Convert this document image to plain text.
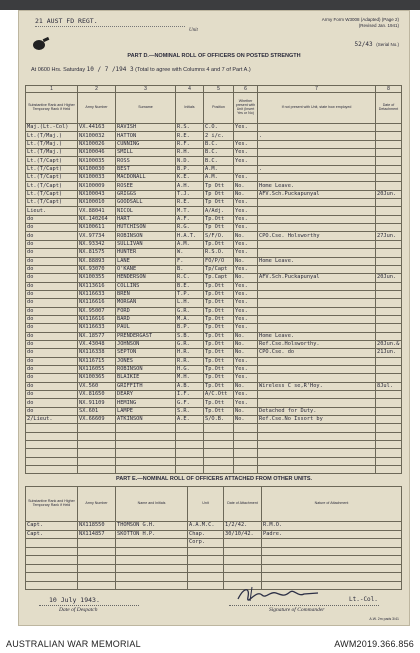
21 AUST FD REGT.
Unit
Army Form W3008 (Adapted) (Page 2)
(Revised Jan. 1941)
52/43 (Serial No.)
PART D.—NOMINAL ROLL OF OFFICERS ON POSTED STRENGTH
At 0600 Hrs. Saturday 10 / 7 /194 3 (Total to agree with Columns 4 and 7 of Part A.)
1	2	3	4	5	6	7	8
Substantive Rank and Higher Temporary Rank if Held	Army Number	Surname	Initials	Position	Whether present with Unit (Insert Yes or No)	If not present with Unit, state how employed	Date of Detachment
Maj.(Lt.-Col)	VX.44163	RAVISH	R.S.	C.O.	Yes.		
Lt.(T/Maj.)	NX100032	HATTON	R.E.	2 i/c.		.	
Lt.(T/Maj.)	NX100026	CUNNING	R.F.	B.C.	Yes.		
Lt.(T/Maj.)	NX100046	SMILL	R.H.	B.C.	Yes.		
Lt.(T/Capt)	NX100035	ROSS	N.D.	B.C.	Yes.		
Lt.(T/Capt)	NX100030	BEST	B.P.	A.M.		.	
Lt.(T/Capt)	NX100033	MACDONALL	K.E.	A.M.	Yes.		
Lt.(T/Capt)	NX100009	ROSEE	A.H.	Tp Ott	No.	Home Leave.	
Lt.(T/Capt)	NX100043	GRIGGS	T.J.	Tp Ott	No.	AFV.Sch.Puckapunyal	20Jun.
Lt.(T/Capt)	NX100010	GOODSALL	R.E.	Tp Ott	Yes.		
Lieut.	VX.88041	NICOL	M.T.	A/Adj.	Yes.		
do	NX.140264	HART	A.F.	Tp.Ott	Yes.		
do	NX100611	HUTCHISON	R.G.	Tp Ott	Yes.		
do	VX.97734	ROBINSON	H.A.T.	S/F/O.	No.	CPO.Cse. Holsworthy	27Jun.
do	NX.93342	SULLIVAN	A.M.	Tp.Ott	Yes.		
do	NX.81575	HUNTER	W.	R.S.O.	Yes.		
do	NX.88893	LANE	F.	FO/P/O	No.	Home Leave.	
do	NX.93070	O'KANE	B.	Tp/Capt	Yes.		
do	NX100355	HENDERSON	R.C.	Tp.Capt	No.	AFV.Sch.Puckapunyal	20Jun.
do	NX113616	COLLINS	B.E.	Tp.Ott	Yes.		
do	NX116633	BREN	T.P.	Tp.Ott	Yes.		
do	NX116616	MORGAN	L.H.	Tp.Ott	Yes.		
do	NX.95007	FORD	G.R.	Tp.Ott	Yes.		
do	NX116616	BARD	M.A.	Tp.Ott	Yes.		
do	NX116633	PAUL	B.P.	Tp.Ott	Yes.		
do	NX.18577	PRENDERGAST	S.B.	Tp.Ott	No.	Home Leave.	
do	VX.43048	JOHNSON	G.R.	Tp.Ott	No.	Ref.Cse.Holsworthy.	20Jun.&
do	NX116338	SEPTON	H.R.	Tp.Ott	No.	CPO.Cse. do	21Jun.
do	NX116715	JONES	R.R.	Tp.Ott	Yes.		
do	NX116055	ROBINSON	H.G.	Tp.Ott	Yes.		
do	NX100365	BLAIKIE	M.H.	Tp.Ott	Yes.		
do	VX.560	GRIFFITH	A.B.	Tp.Ott	No.	Wireless C se,R'Hoy.	8Jul.
do	VX.81650	DEARY	I.F.	A/C.Ott	Yes.		
do	NX.91109	HEMING	G.F.	Tp.Ott	Yes.		
do	SX.601	LAMPE	S.R.	Tp.Ott	No.	Detached for Duty.	
2/Lieut.	VX.66609	ATKINSON	A.E.	S/O.B.	No.	Ref.Cse.No Issort by	

PART E.—NOMINAL ROLL OF OFFICERS ATTACHED FROM OTHER UNITS.
Substantive Rank and Higher Temporary Rank if Held	Army Number	Name and Initials	Unit	Date of Attachment	Nature of Attachment
Capt.	NX118550	THOMSON G.H.	A.A.M.C.	1/2/42.	R.M.O.
Capt.	NX114857	SKOTTON H.P.	Chap.	30/10/42.	Padre.
			Corp.		

10 July 1943.
Date of Despatch
Lt.-Col.
Signature of Commander
A.W. 2m pads 3/41
AUSTRALIAN WAR MEMORIAL	AWM2019.366.856
